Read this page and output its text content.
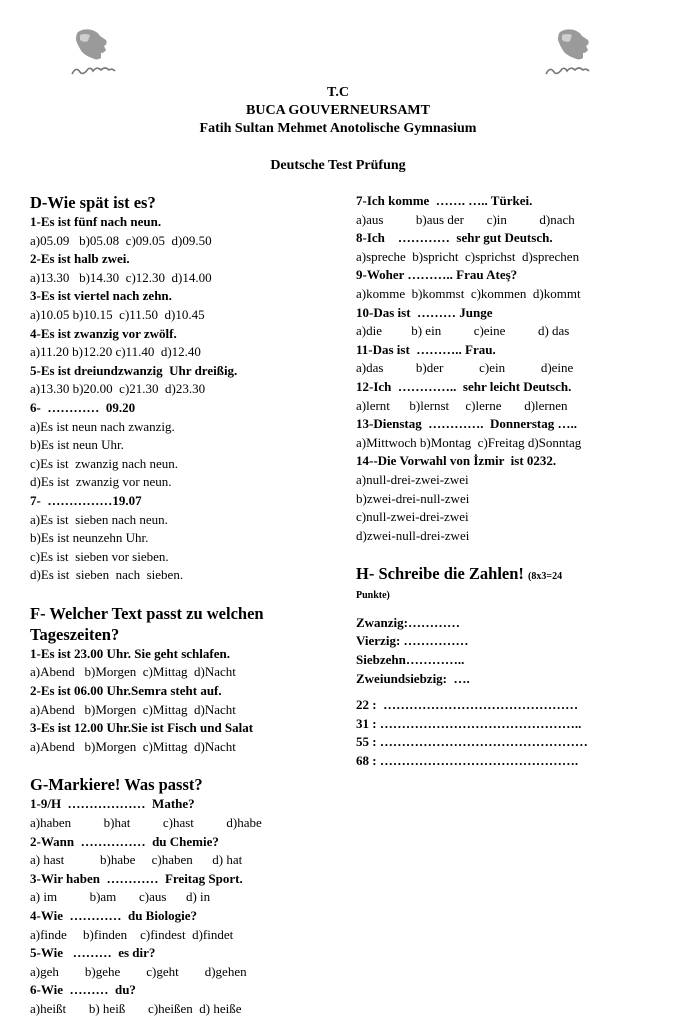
T.C
BUCA GOUVERNEURSAMT
Fatih Sultan Mehmet Anotolische Gymnasium
Deutsche Test Prüfung
D-Wie spät ist es?
1-Es ist fünf nach neun.
a)05.09   b)05.08  c)09.05  d)09.50
2-Es ist halb zwei.
a)13.30   b)14.30  c)12.30  d)14.00
3-Es ist viertel nach zehn.
a)10.05 b)10.15  c)11.50  d)10.45
4-Es ist zwanzig vor zwölf.
a)11.20 b)12.20 c)11.40  d)12.40
5-Es ist dreiundzwanzig  Uhr dreißig.
a)13.30 b)20.00  c)21.30  d)23.30
6-  …………  09.20
a)Es ist neun nach zwanzig.
b)Es ist neun Uhr.
c)Es ist  zwanzig nach neun.
d)Es ist  zwanzig vor neun.
7-  ……………19.07
a)Es ist  sieben nach neun.
b)Es ist neunzehn Uhr.
c)Es ist  sieben vor sieben.
d)Es ist  sieben  nach  sieben.
F- Welcher Text passt zu welchen
Tageszeiten?
1-Es ist 23.00 Uhr. Sie geht schlafen.
a)Abend   b)Morgen  c)Mittag  d)Nacht
2-Es ist 06.00 Uhr.Semra steht auf.
a)Abend   b)Morgen  c)Mittag  d)Nacht
3-Es ist 12.00 Uhr.Sie ist Fisch und Salat
a)Abend   b)Morgen  c)Mittag  d)Nacht
G-Markiere! Was passt?
1-9/H  ………………  Mathe?
a)haben          b)hat          c)hast          d)habe
2-Wann  ……………  du Chemie?
a) hast           b)habe     c)haben      d) hat
3-Wir haben  …………  Freitag Sport.
a) im          b)am       c)aus      d) in
4-Wie  …………  du Biologie?
a)finde     b)finden    c)findest  d)findet
5-Wie   ………  es dir?
a)geh        b)gehe        c)geht        d)gehen
6-Wie  ………  du?
a)heißt       b) heiß       c)heißen  d) heiße
7-Ich komme  ……. ….. Türkei.
a)aus          b)aus der       c)in          d)nach
8-Ich    …………  sehr gut Deutsch.
a)spreche  b)spricht  c)sprichst  d)sprechen
9-Woher ……….. Frau Ateş?
a)komme  b)kommst  c)kommen  d)kommt
10-Das ist  ……… Junge
a)die         b) ein          c)eine          d) das
11-Das ist  ……….. Frau.
a)das          b)der           c)ein           d)eine
12-Ich  …………..  sehr leicht Deutsch.
a)lernt      b)lernst     c)lerne       d)lernen
13-Dienstag  ………….  Donnerstag …..
a)Mittwoch b)Montag  c)Freitag d)Sonntag
14--Die Vorwahl von İzmir  ist 0232.
a)null-drei-zwei-zwei
b)zwei-drei-null-zwei
c)null-zwei-drei-zwei
d)zwei-null-drei-zwei
H- Schreibe die Zahlen! (8x3=24
Punkte)
Zwanzig:…………
Vierzig: ……………
Siebzehn…………..
Zweiundsiebzig:  ….
22 :  ………………………………………
31 : ………………………………………..
55 : …………………………………………
68 : ……………………………………….
